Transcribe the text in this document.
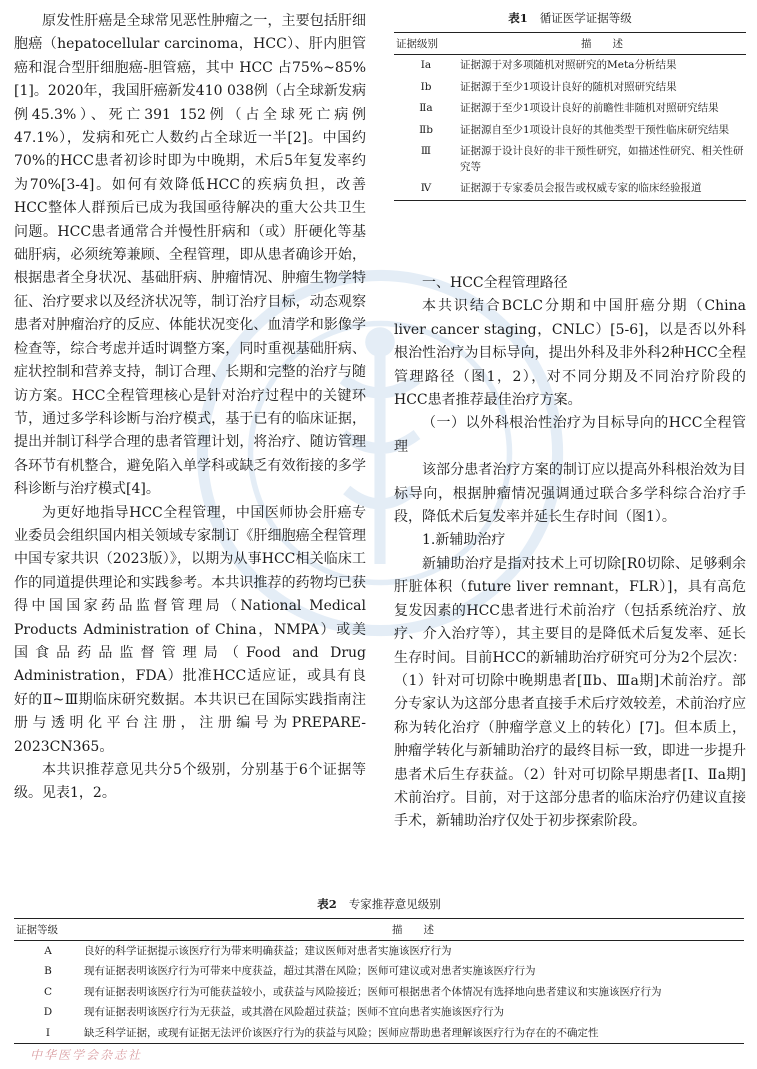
原发性肝癌是全球常见恶性肿瘤之一，主要包括肝细胞癌（hepatocellular carcinoma，HCC）、肝内胆管癌和混合型肝细胞癌-胆管癌，其中 HCC 占75%~85%[1]。2020年，我国肝癌新发410 038例（占全球新发病例45.3%）、死亡391 152例（占全球死亡病例47.1%），发病和死亡人数约占全球近一半[2]。中国约70%的HCC患者初诊时即为中晚期，术后5年复发率约为70%[3-4]。如何有效降低HCC的疾病负担，改善HCC整体人群预后已成为我国亟待解决的重大公共卫生问题。HCC患者通常合并慢性肝病和（或）肝硬化等基础肝病，必须统筹兼顾、全程管理，即从患者确诊开始，根据患者全身状况、基础肝病、肿瘤情况、肿瘤生物学特征、治疗要求以及经济状况等，制订治疗目标，动态观察患者对肿瘤治疗的反应、体能状况变化、血清学和影像学检查等，综合考虑并适时调整方案，同时重视基础肝病、症状控制和营养支持，制订合理、长期和完整的治疗与随访方案。HCC全程管理核心是针对治疗过程中的关键环节，通过多学科诊断与治疗模式，基于已有的临床证据，提出并制订科学合理的患者管理计划，将治疗、随访管理各环节有机整合，避免陷入单学科或缺乏有效衔接的多学科诊断与治疗模式[4]。

为更好地指导HCC全程管理，中国医师协会肝癌专业委员会组织国内相关领域专家制订《肝细胞癌全程管理中国专家共识（2023版）》，以期为从事HCC相关临床工作的同道提供理论和实践参考。本共识推荐的药物均已获得中国国家药品监督管理局（National Medical Products Administration of China，NMPA）或美国食品药品监督管理局（Food and Drug Administration，FDA）批准HCC适应证，或具有良好的Ⅱ~Ⅲ期临床研究数据。本共识已在国际实践指南注册与透明化平台注册，注册编号为PREPARE-2023CN365。

本共识推荐意见共分5个级别，分别基于6个证据等级。见表1，2。

表1 循证医学证据等级
证据级别	描　　述
Ⅰa	证据源于对多项随机对照研究的Meta分析结果
Ⅰb	证据源于至少1项设计良好的随机对照研究结果
Ⅱa	证据源于至少1项设计良好的前瞻性非随机对照研究结果
Ⅱb	证据源自至少1项设计良好的其他类型干预性临床研究结果
Ⅲ	证据源于设计良好的非干预性研究，如描述性研究、相关性研究等
Ⅳ	证据源于专家委员会报告或权威专家的临床经验报道
一、HCC全程管理路径

本共识结合BCLC分期和中国肝癌分期（China liver cancer staging，CNLC）[5-6]，以是否以外科根治性治疗为目标导向，提出外科及非外科2种HCC全程管理路径（图1，2），对不同分期及不同治疗阶段的HCC患者推荐最佳治疗方案。

（一）以外科根治性治疗为目标导向的HCC全程管理

该部分患者治疗方案的制订应以提高外科根治效为目标导向，根据肿瘤情况强调通过联合多学科综合治疗手段，降低术后复发率并延长生存时间（图1）。

1.新辅助治疗

新辅助治疗是指对技术上可切除[R0切除、足够剩余肝脏体积（future liver remnant，FLR）]，具有高危复发因素的HCC患者进行术前治疗（包括系统治疗、放疗、介入治疗等），其主要目的是降低术后复发率、延长生存时间。目前HCC的新辅助治疗研究可分为2个层次：（1）针对可切除中晚期患者[Ⅱb、Ⅲa期]术前治疗。部分专家认为这部分患者直接手术后疗效较差，术前治疗应称为转化治疗（肿瘤学意义上的转化）[7]。但本质上，肿瘤学转化与新辅助治疗的最终目标一致，即进一步提升患者术后生存获益。（2）针对可切除早期患者[Ⅰ、Ⅱa期]术前治疗。目前，对于这部分患者的临床治疗仍建议直接手术，新辅助治疗仅处于初步探索阶段。

表2 专家推荐意见级别
证据等级	描　　述
A	良好的科学证据提示该医疗行为带来明确获益；建议医师对患者实施该医疗行为
B	现有证据表明该医疗行为可带来中度获益，超过其潜在风险；医师可建议或对患者实施该医疗行为
C	现有证据表明该医疗行为可能获益较小，或获益与风险接近；医师可根据患者个体情况有选择地向患者建议和实施该医疗行为
D	现有证据表明该医疗行为无获益，或其潜在风险超过获益；医师不宜向患者实施该医疗行为
I	缺乏科学证据，或现有证据无法评价该医疗行为的获益与风险；医师应帮助患者理解该医疗行为存在的不确定性
中华医学会杂志社
